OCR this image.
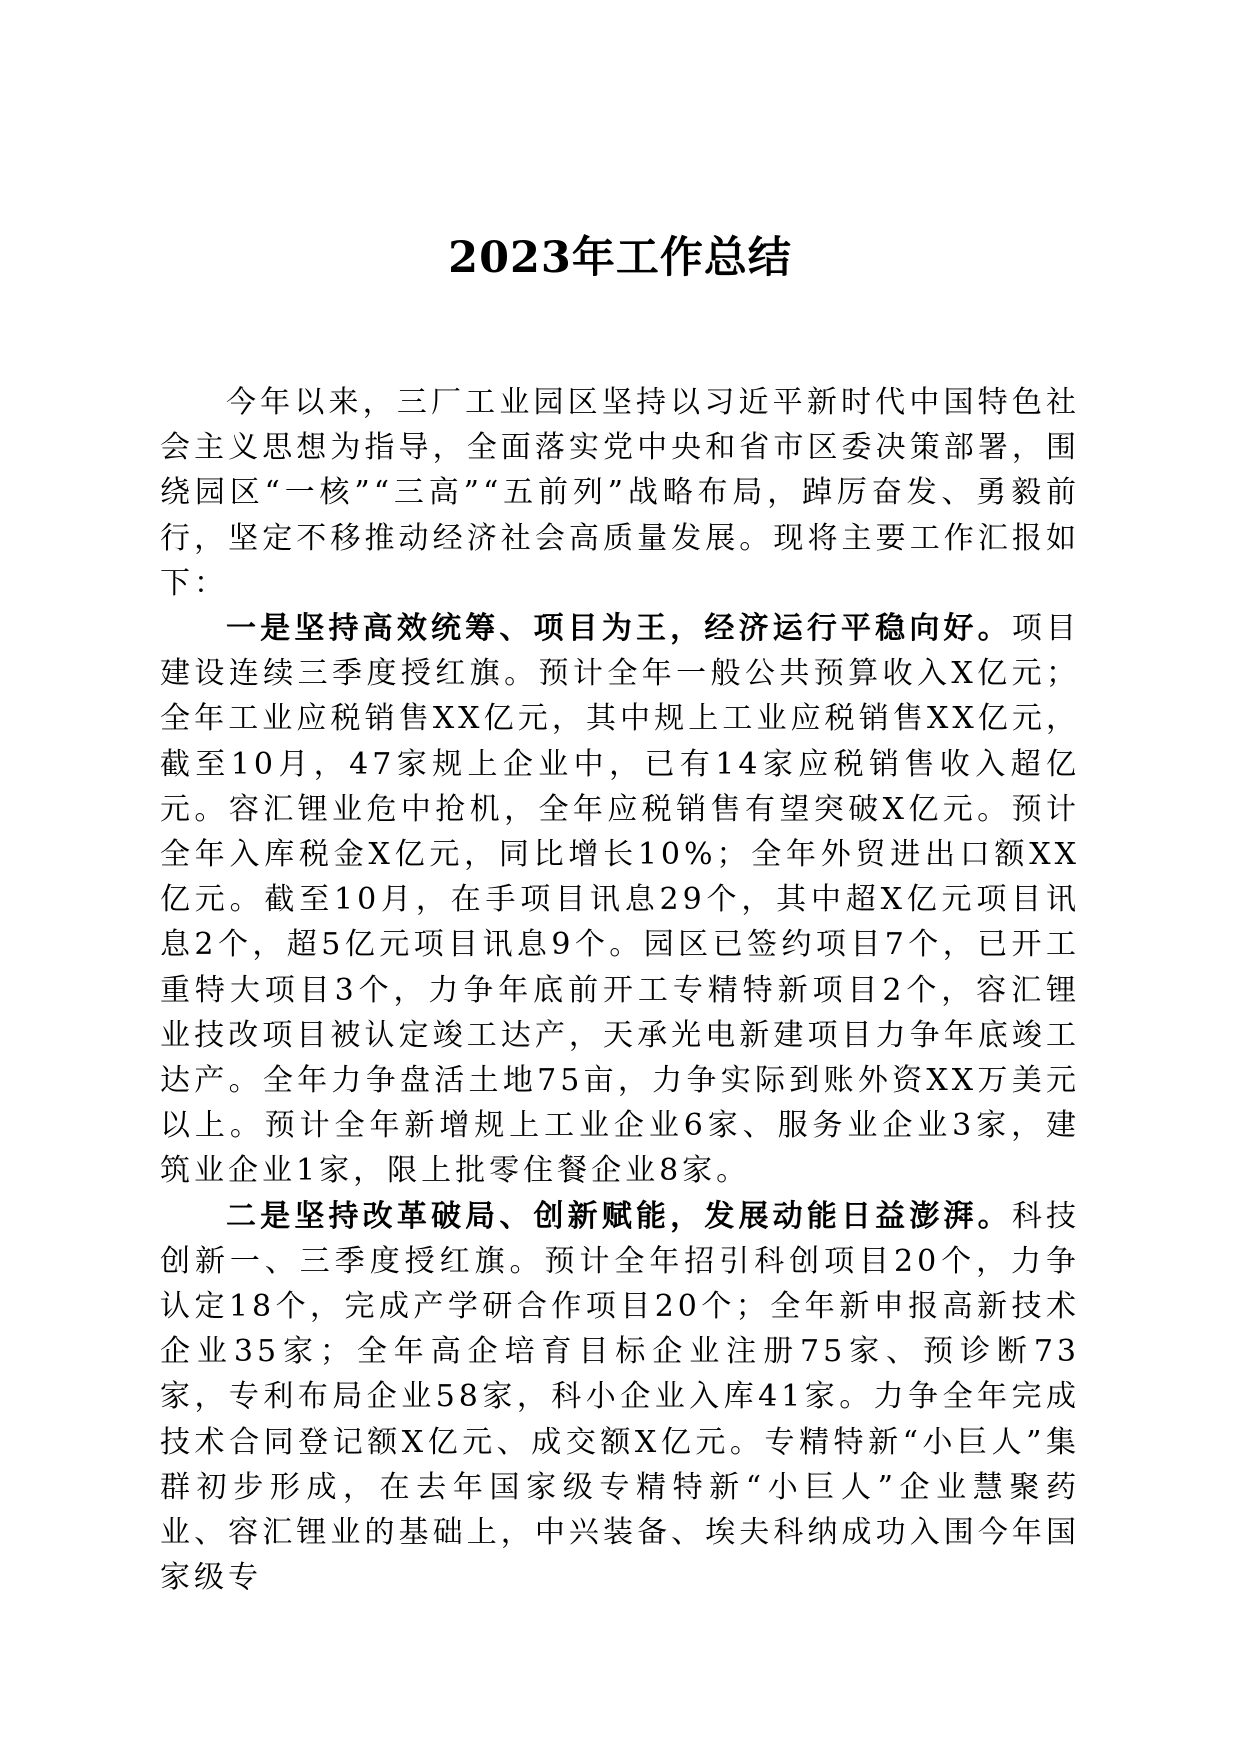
2023年工作总结

今年以来，三厂工业园区坚持以习近平新时代中国特色社会主义思想为指导，全面落实党中央和省市区委决策部署，围绕园区“一核”“三高”“五前列”战略布局，踔厉奋发、勇毅前行，坚定不移推动经济社会高质量发展。现将主要工作汇报如下：

一是坚持高效统筹、项目为王，经济运行平稳向好。项目建设连续三季度授红旗。预计全年一般公共预算收入X亿元；全年工业应税销售XX亿元，其中规上工业应税销售XX亿元，截至10月，47家规上企业中，已有14家应税销售收入超亿元。容汇锂业危中抢机，全年应税销售有望突破X亿元。预计全年入库税金X亿元，同比增长10%；全年外贸进出口额XX亿元。截至10月，在手项目讯息29个，其中超X亿元项目讯息2个，超5亿元项目讯息9个。园区已签约项目7个，已开工重特大项目3个，力争年底前开工专精特新项目2个，容汇锂业技改项目被认定竣工达产，天承光电新建项目力争年底竣工达产。全年力争盘活土地75亩，力争实际到账外资XX万美元以上。预计全年新增规上工业企业6家、服务业企业3家，建筑业企业1家，限上批零住餐企业8家。

二是坚持改革破局、创新赋能，发展动能日益澎湃。科技创新一、三季度授红旗。预计全年招引科创项目20个，力争认定18个，完成产学研合作项目20个；全年新申报高新技术企业35家；全年高企培育目标企业注册75家、预诊断73家，专利布局企业58家，科小企业入库41家。力争全年完成技术合同登记额X亿元、成交额X亿元。专精特新“小巨人”集群初步形成，在去年国家级专精特新“小巨人”企业慧聚药业、容汇锂业的基础上，中兴装备、埃夫科纳成功入围今年国家级专
